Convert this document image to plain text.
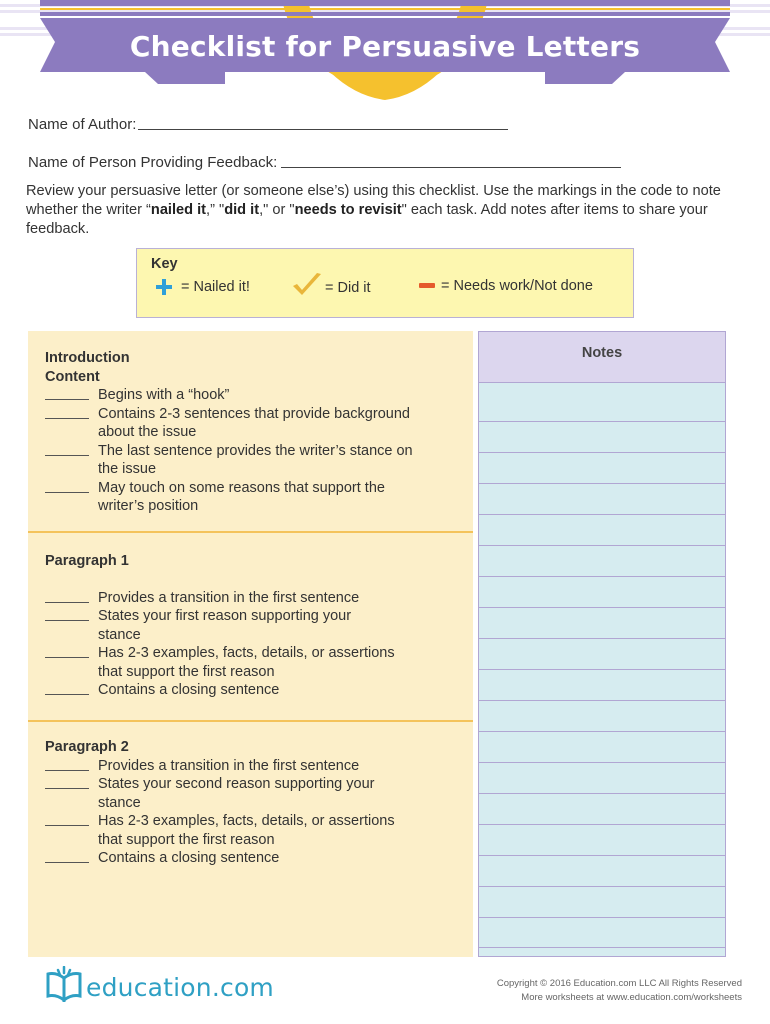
Checklist for Persuasive Letters
Name of Author:
Name of Person Providing Feedback:
Review your persuasive letter (or someone else’s) using this checklist. Use the markings in the code to note whether the writer “nailed it,” "did it," or "needs to revisit" each task. Add notes after items to share your feedback.
Key
= Nailed it!	= Did it	= Needs work/Not done
Notes
Introduction
Content
Begins with a “hook”
Contains 2-3 sentences that provide background
about the issue
The last sentence provides the writer’s stance on
the issue
May touch on some reasons that support the
writer’s position
Paragraph 1
Provides a transition in the first sentence
States your first reason supporting your
stance
Has 2-3 examples, facts, details, or assertions
that support the first reason
Contains a closing sentence
Paragraph 2
Provides a transition in the first sentence
States your second reason supporting your
stance
Has 2-3 examples, facts, details, or assertions
that support the first reason
Contains a closing sentence
education.com	Copyright © 2016 Education.com LLC All Rights Reserved
More worksheets at www.education.com/worksheets
